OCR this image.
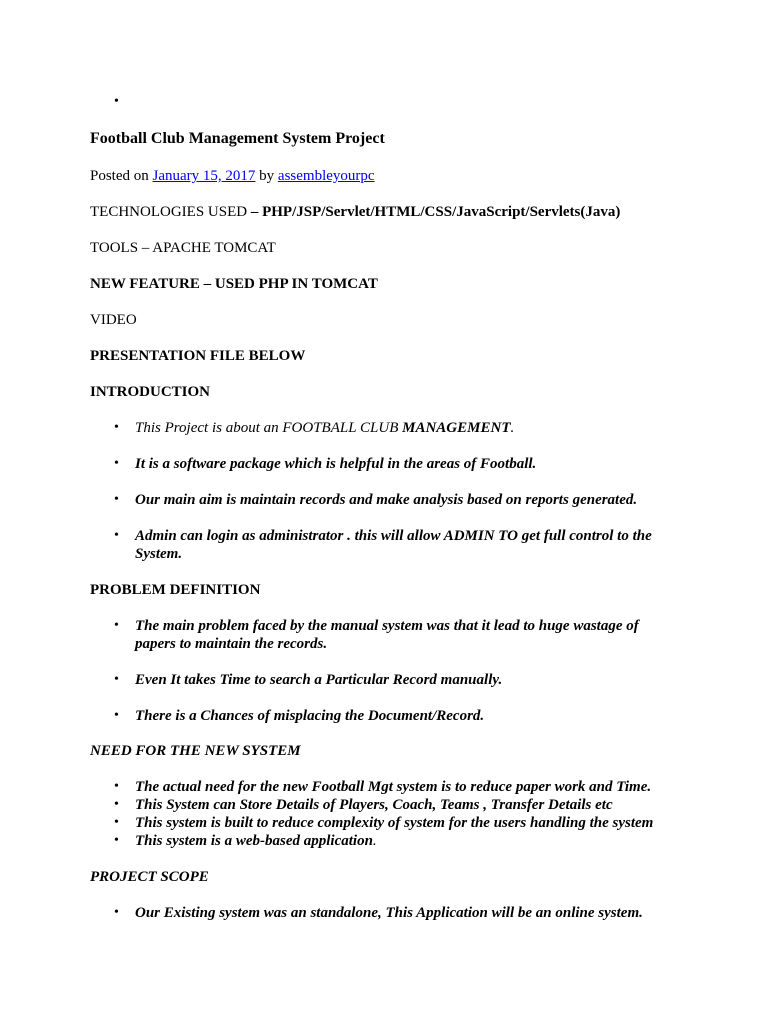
•
Football Club Management System Project
Posted on January 15, 2017 by assembleyourpc
TECHNOLOGIES USED – PHP/JSP/Servlet/HTML/CSS/JavaScript/Servlets(Java)
TOOLS – APACHE TOMCAT
NEW FEATURE – USED PHP IN TOMCAT
VIDEO
PRESENTATION FILE BELOW
INTRODUCTION
• This Project is about an FOOTBALL CLUB MANAGEMENT.
• It is a software package which is helpful in the areas of Football.
• Our main aim is maintain records and make analysis based on reports generated.
• Admin can login as administrator . this will allow ADMIN TO get full control to the System.
PROBLEM DEFINITION
• The main problem faced by the manual system was that it lead to huge wastage of papers to maintain the records.
• Even It takes Time to search a Particular Record manually.
• There is a Chances of misplacing the Document/Record.
NEED FOR THE NEW SYSTEM
• The actual need for the new Football Mgt system is to reduce paper work and Time.
• This System can Store Details of Players, Coach, Teams , Transfer Details etc
• This system is built to reduce complexity of system for the users handling the system
• This system is a web-based application.
PROJECT SCOPE
• Our Existing system was an standalone, This Application will be an online system.
